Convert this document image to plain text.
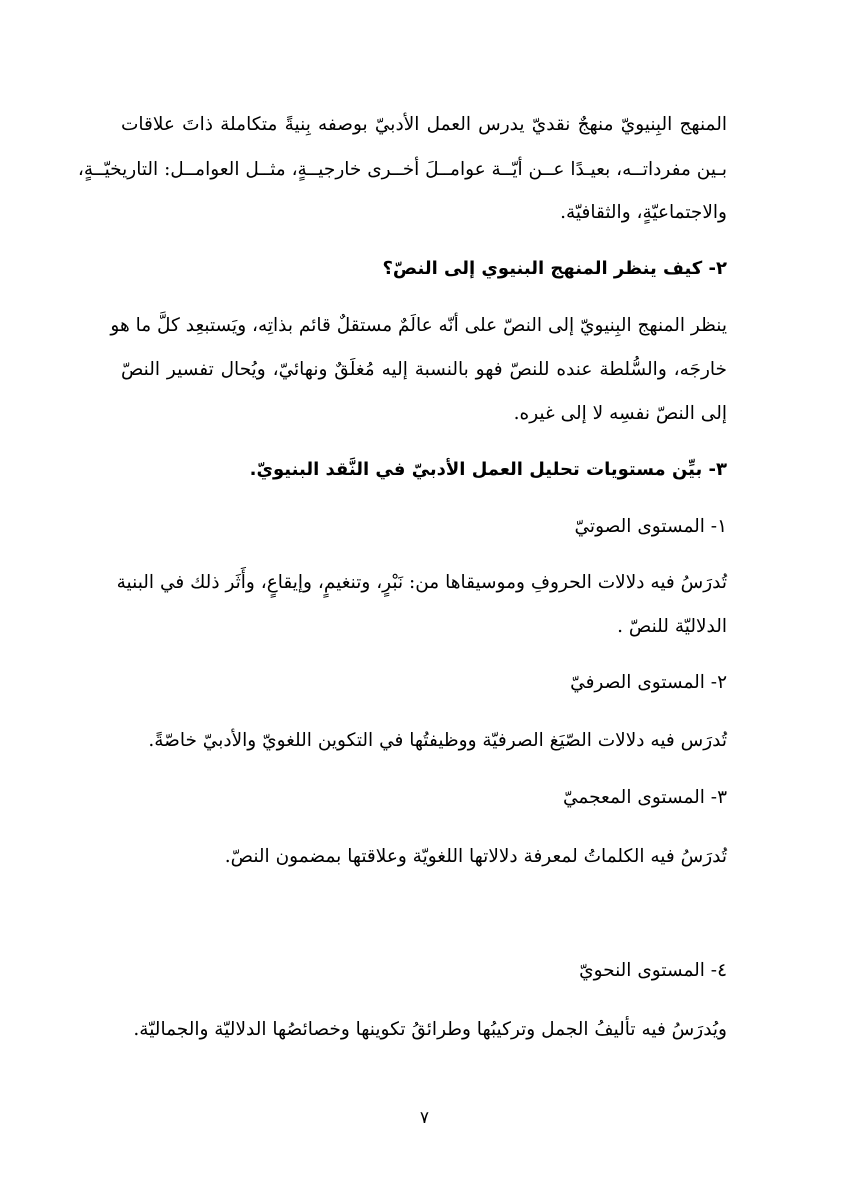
المنهج البِنيويّ منهجٌ نقديّ يدرس العمل الأدبيّ بوصفه بِنيةً متكاملة ذاتَ علاقات
بـين مفرداتــه، بعيـدًا عــن أيّــة عوامــلَ أخــرى خارجيــةٍ، مثــل العوامــل: التاريخيّــةٍ،
والاجتماعيّةٍ، والثقافيّة.
٢- كيف ينظر المنهج البنيوي إلى النصّ؟
ينظر المنهج البِنيويّ إلى النصّ على أنّه عالَمٌ مستقلٌ قائم بذاتِه، ويَستبعِد كلَّ ما هو
خارجَه، والسُّلطة عنده للنصّ فهو بالنسبة إليه مُغلَقٌ ونهائيّ، ويُحال تفسير النصّ
إلى النصّ نفسِه لا إلى غيره.
٣- بيِّن مستويات تحليل العمل الأدبيّ في النَّقد البنيويّ.
١- المستوى الصوتيّ
تُدرَسُ فيه دلالات الحروفِ وموسيقاها من: نَبْرٍ، وتنغيمٍ، وإيقاعٍ، وأَثَر ذلك في البنية
الدلاليّة للنصّ .
٢- المستوى الصرفيّ
تُدرَس فيه دلالات الصّيَغ الصرفيّة ووظيفتُها في التكوين اللغويّ والأدبيّ خاصّةً.
٣- المستوى المعجميّ
تُدرَسُ فيه الكلماتُ لمعرفة دلالاتها اللغويّة وعلاقتها بمضمون النصّ.
٤- المستوى النحويّ
ويُدرَسُ فيه تأليفُ الجمل وتركيبُها وطرائقُ تكوينها وخصائصُها الدلاليّة والجماليّة.
٧
